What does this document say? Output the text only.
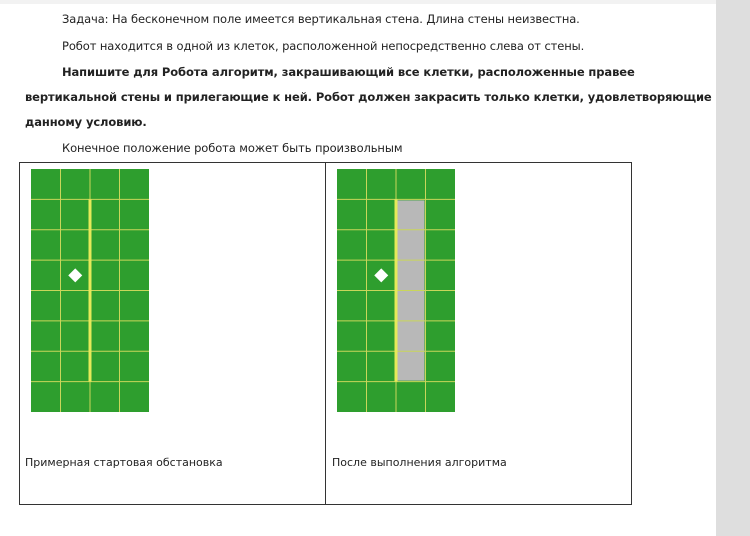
Задача: На бесконечном поле имеется вертикальная стена. Длина стены неизвестна.
Робот находится в одной из клеток, расположенной непосредственно слева от стены.
Напишите для Робота алгоритм, закрашивающий все клетки, расположенные правее
вертикальной стены и прилегающие к ней. Робот должен закрасить только клетки, удовлетворяющие
данному условию.
Конечное положение робота может быть произвольным
Примерная стартовая обстановка	После выполнения алгоритма
